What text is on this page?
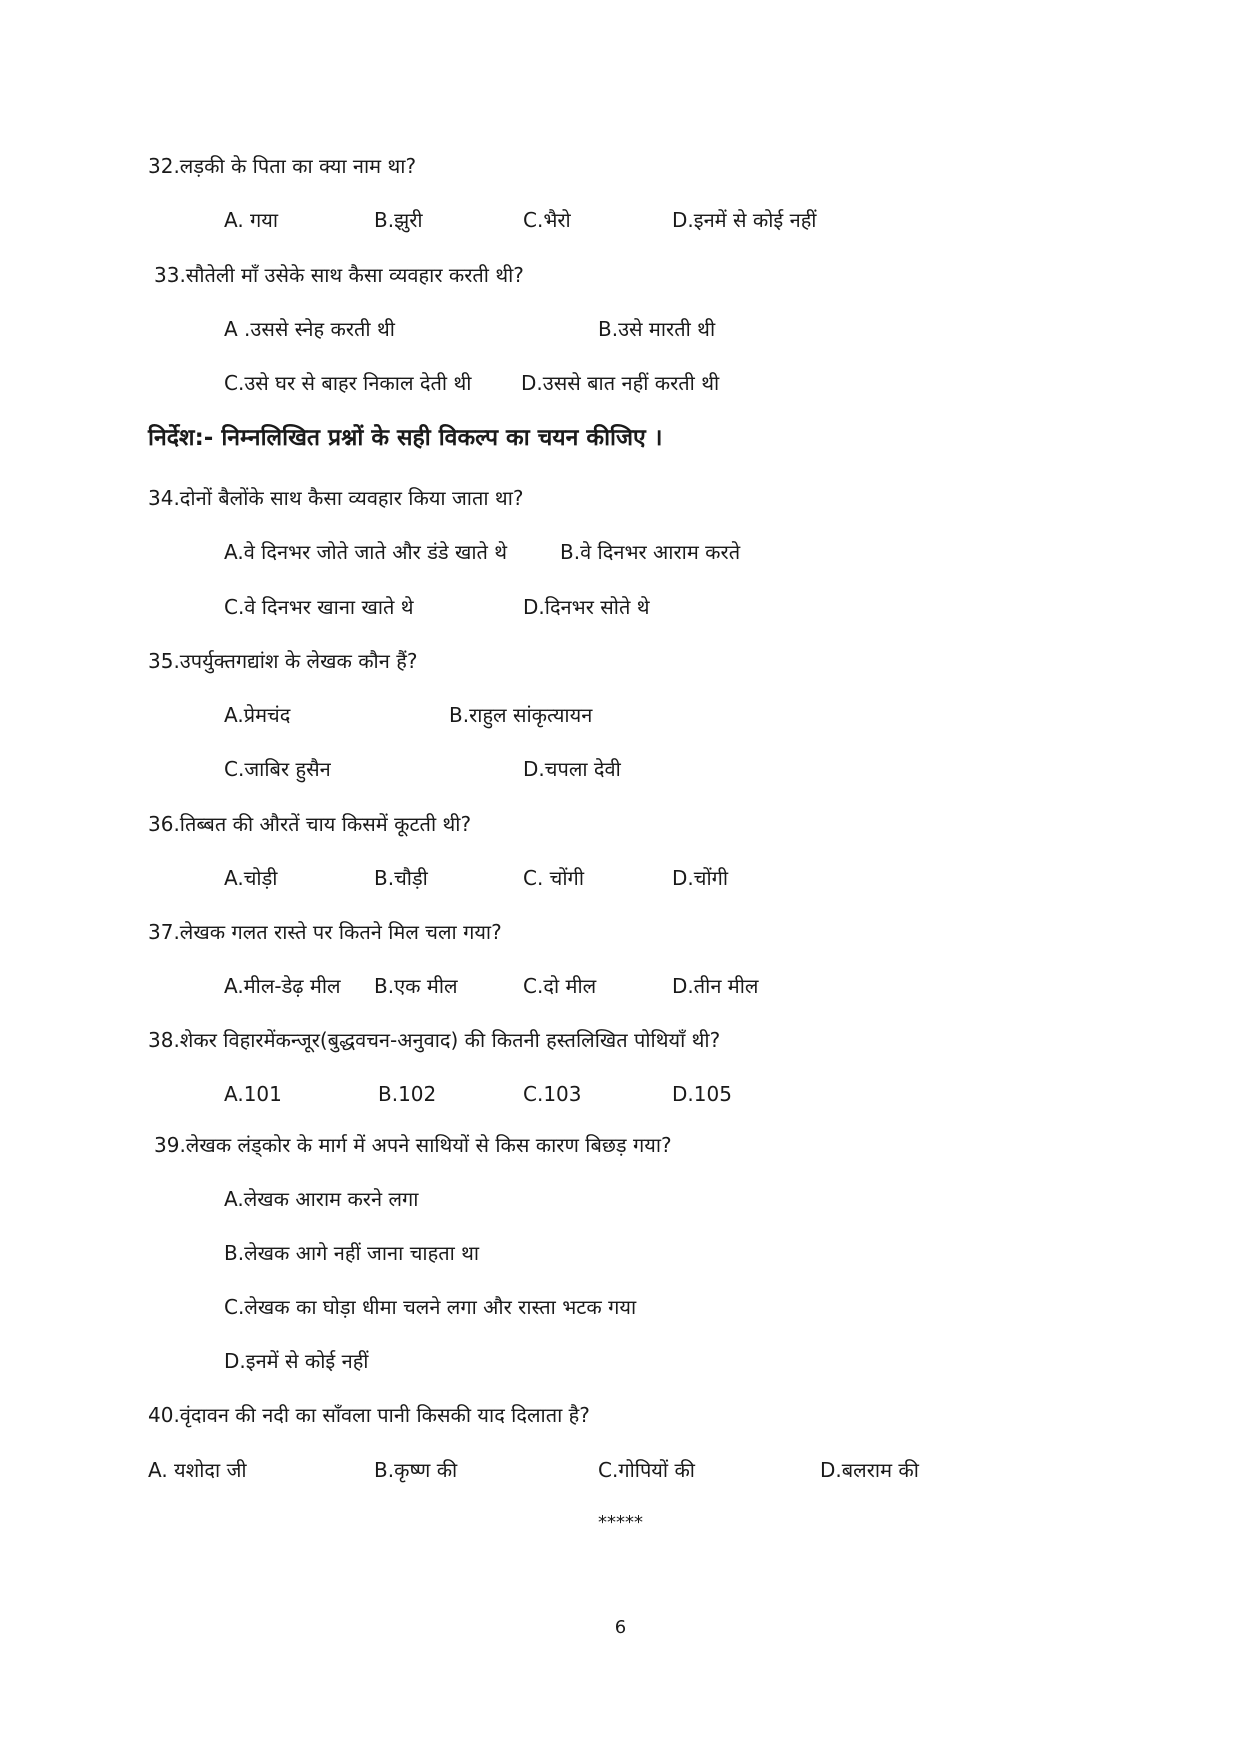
32.लड़की के पिता का क्या नाम था?
A. गया	B.झुरी	C.भैरो	D.इनमें से कोई नहीं
33.सौतेली माँ उसेके साथ कैसा व्यवहार करती थी?
A .उससे स्नेह करती थी	B.उसे मारती थी
C.उसे घर से बाहर निकाल देती थी D.उससे बात नहीं करती थी
निर्देश:- निम्नलिखित प्रश्नों के सही विकल्प का चयन कीजिए ।
34.दोनों बैलोंके साथ कैसा व्यवहार किया जाता था?
A.वे दिनभर जोते जाते और डंडे खाते थे	B.वे दिनभर आराम करते
C.वे दिनभर खाना खाते थे	D.दिनभर सोते थे
35.उपर्युक्तगद्यांश के लेखक कौन हैं?
A.प्रेमचंद	B.राहुल सांकृत्यायन
C.जाबिर हुसैन	D.चपला देवी
36.तिब्बत की औरतें चाय किसमें कूटती थी?
A.चोड़ी	B.चौड़ी	C. चोंगी	D.चोंगी
37.लेखक गलत रास्ते पर कितने मिल चला गया?
A.मील-डेढ़ मील B.एक मील	C.दो मील	D.तीन मील
38.शेकर विहारमेंकन्जूर(बुद्धवचन-अनुवाद) की कितनी हस्तलिखित पोथियाँ थी?
A.101	B.102	C.103	D.105
39.लेखक लंड्कोर के मार्ग में अपने साथियों से किस कारण बिछड़ गया?
A.लेखक आराम करने लगा
B.लेखक आगे नहीं जाना चाहता था
C.लेखक का घोड़ा धीमा चलने लगा और रास्ता भटक गया
D.इनमें से कोई नहीं
40.वृंदावन की नदी का साँवला पानी किसकी याद दिलाता है?
A. यशोदा जी	B.कृष्ण की	C.गोपियों की	D.बलराम की
*****
6
